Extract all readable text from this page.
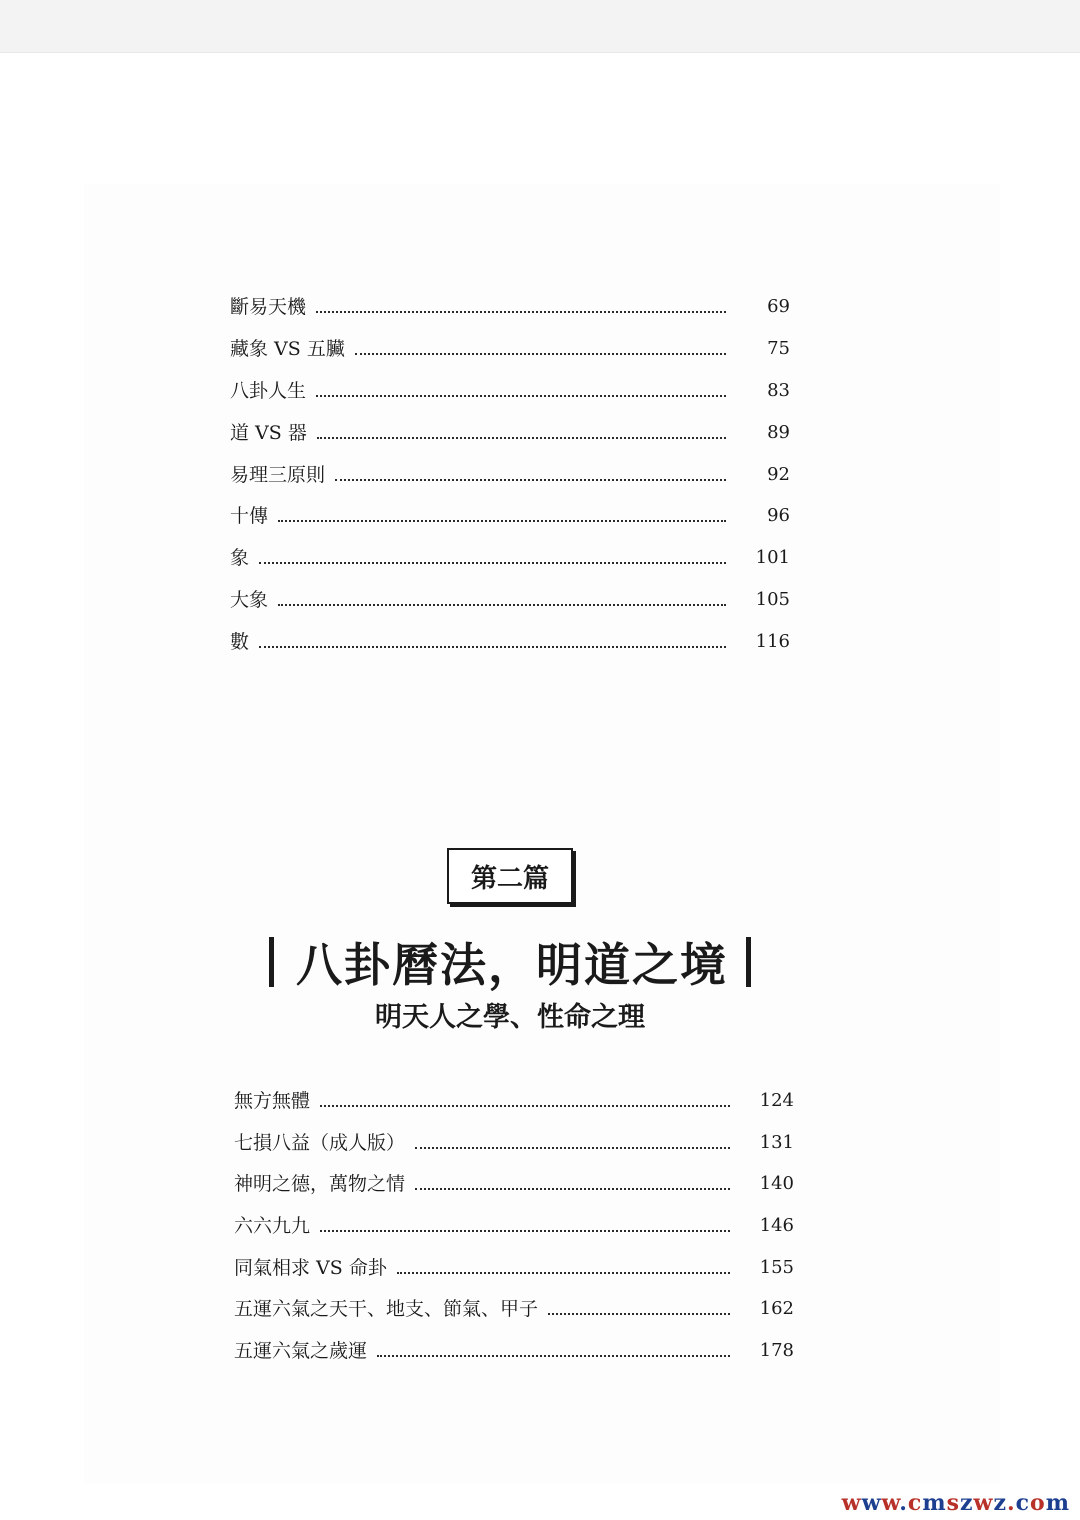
斷易天機	69
藏象 VS 五臟	75
八卦人生	83
道 VS 器	89
易理三原則	92
十傳	96
象	101
大象	105
數	116
第二篇
八卦曆法，明道之境
明天人之學、性命之理
無方無體	124
七損八益（成人版）	131
神明之德，萬物之情	140
六六九九	146
同氣相求 VS 命卦	155
五運六氣之天干、地支、節氣、甲子	162
五運六氣之歲運	178
www.cmszwz.com
